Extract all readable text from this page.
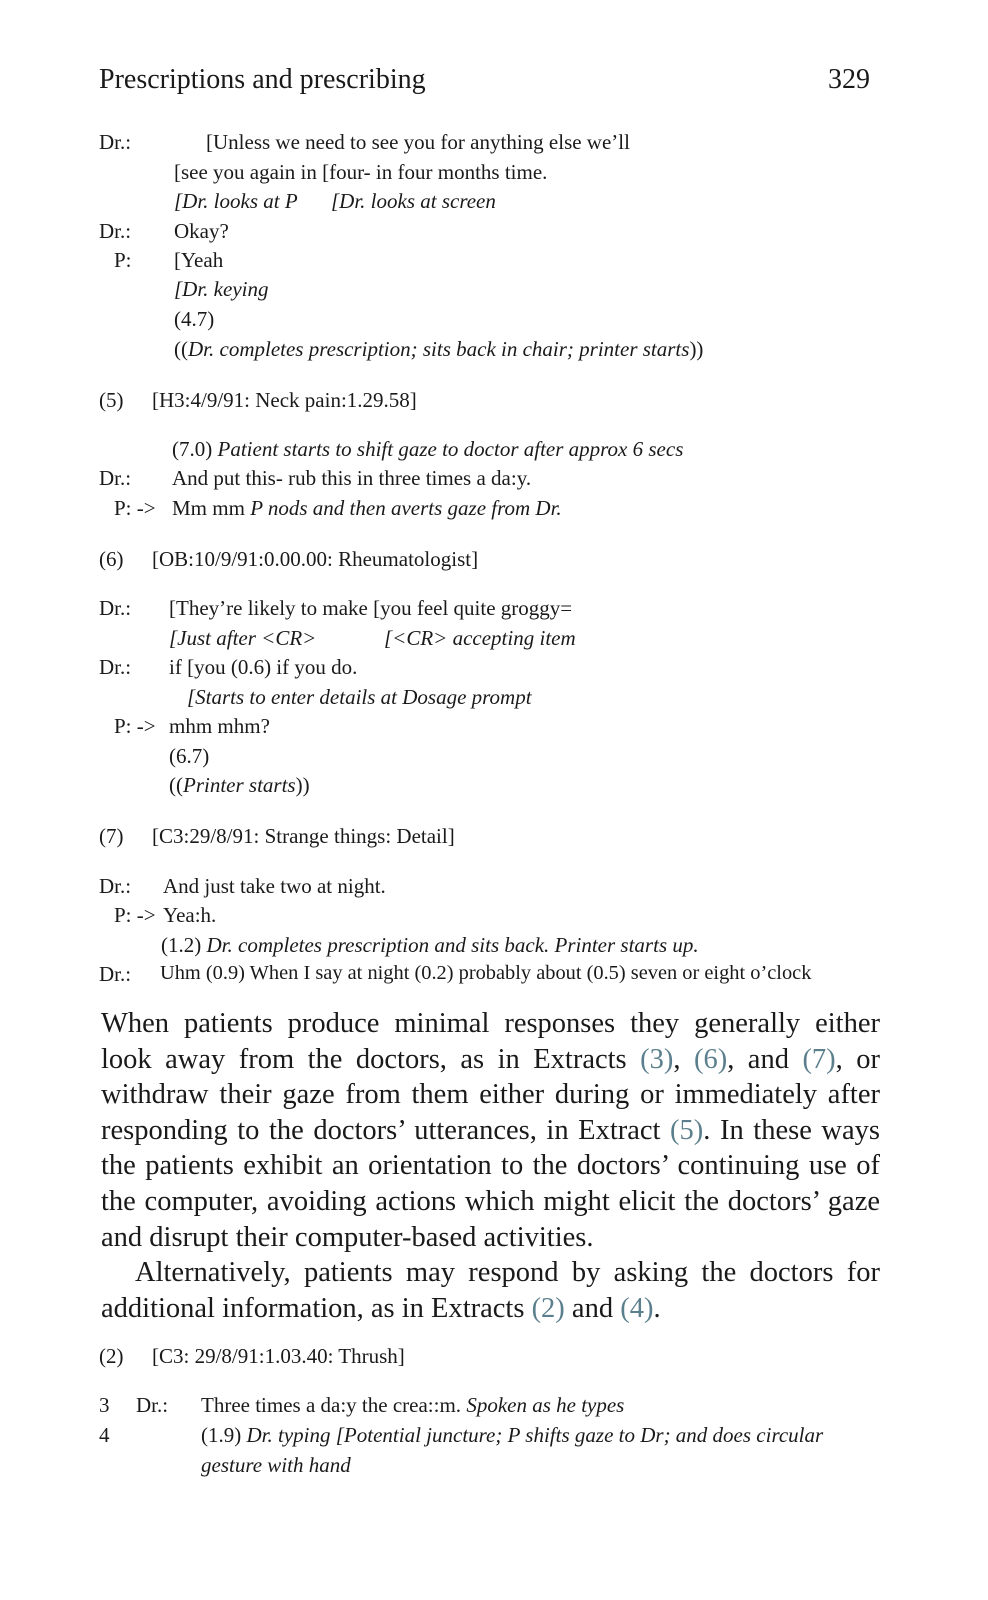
Prescriptions and prescribing	329
Dr.:	[Unless we need to see you for anything else we’ll
[see you again in [four- in four months time.
[Dr. looks at P [Dr. looks at screen
Dr.: Okay?
P: [Yeah
[Dr. keying
(4.7)
((Dr. completes prescription; sits back in chair; printer starts))
(5) [H3:4/9/91: Neck pain:1.29.58]
(7.0) Patient starts to shift gaze to doctor after approx 6 secs
Dr.: And put this- rub this in three times a da:y.
P: -> Mm mm P nods and then averts gaze from Dr.
(6) [OB:10/9/91:0.00.00: Rheumatologist]
Dr.: [They’re likely to make [you feel quite groggy=
[Just after <CR>	[<CR> accepting item
Dr.: if [you (0.6) if you do.
[Starts to enter details at Dosage prompt
P: -> mhm mhm?
(6.7)
((Printer starts))
(7) [C3:29/8/91: Strange things: Detail]
Dr.: And just take two at night.
P: -> Yea:h.
(1.2) Dr. completes prescription and sits back. Printer starts up.
Dr.: Uhm (0.9) When I say at night (0.2) probably about (0.5) seven or eight o’clock

When patients produce minimal responses they generally either look away from the doctors, as in Extracts (3), (6), and (7), or withdraw their gaze from them either during or immediately after responding to the doctors’ utterances, in Extract (5). In these ways the patients exhibit an orientation to the doctors’ continuing use of the computer, avoiding actions which might elicit the doctors’ gaze and disrupt their computer-based activities.

Alternatively, patients may respond by asking the doctors for additional information, as in Extracts (2) and (4).

(2) [C3: 29/8/91:1.03.40: Thrush]
3 Dr.: Three times a da:y the crea::m. Spoken as he types
4	(1.9) Dr. typing [Potential juncture; P shifts gaze to Dr; and does circular
gesture with hand
